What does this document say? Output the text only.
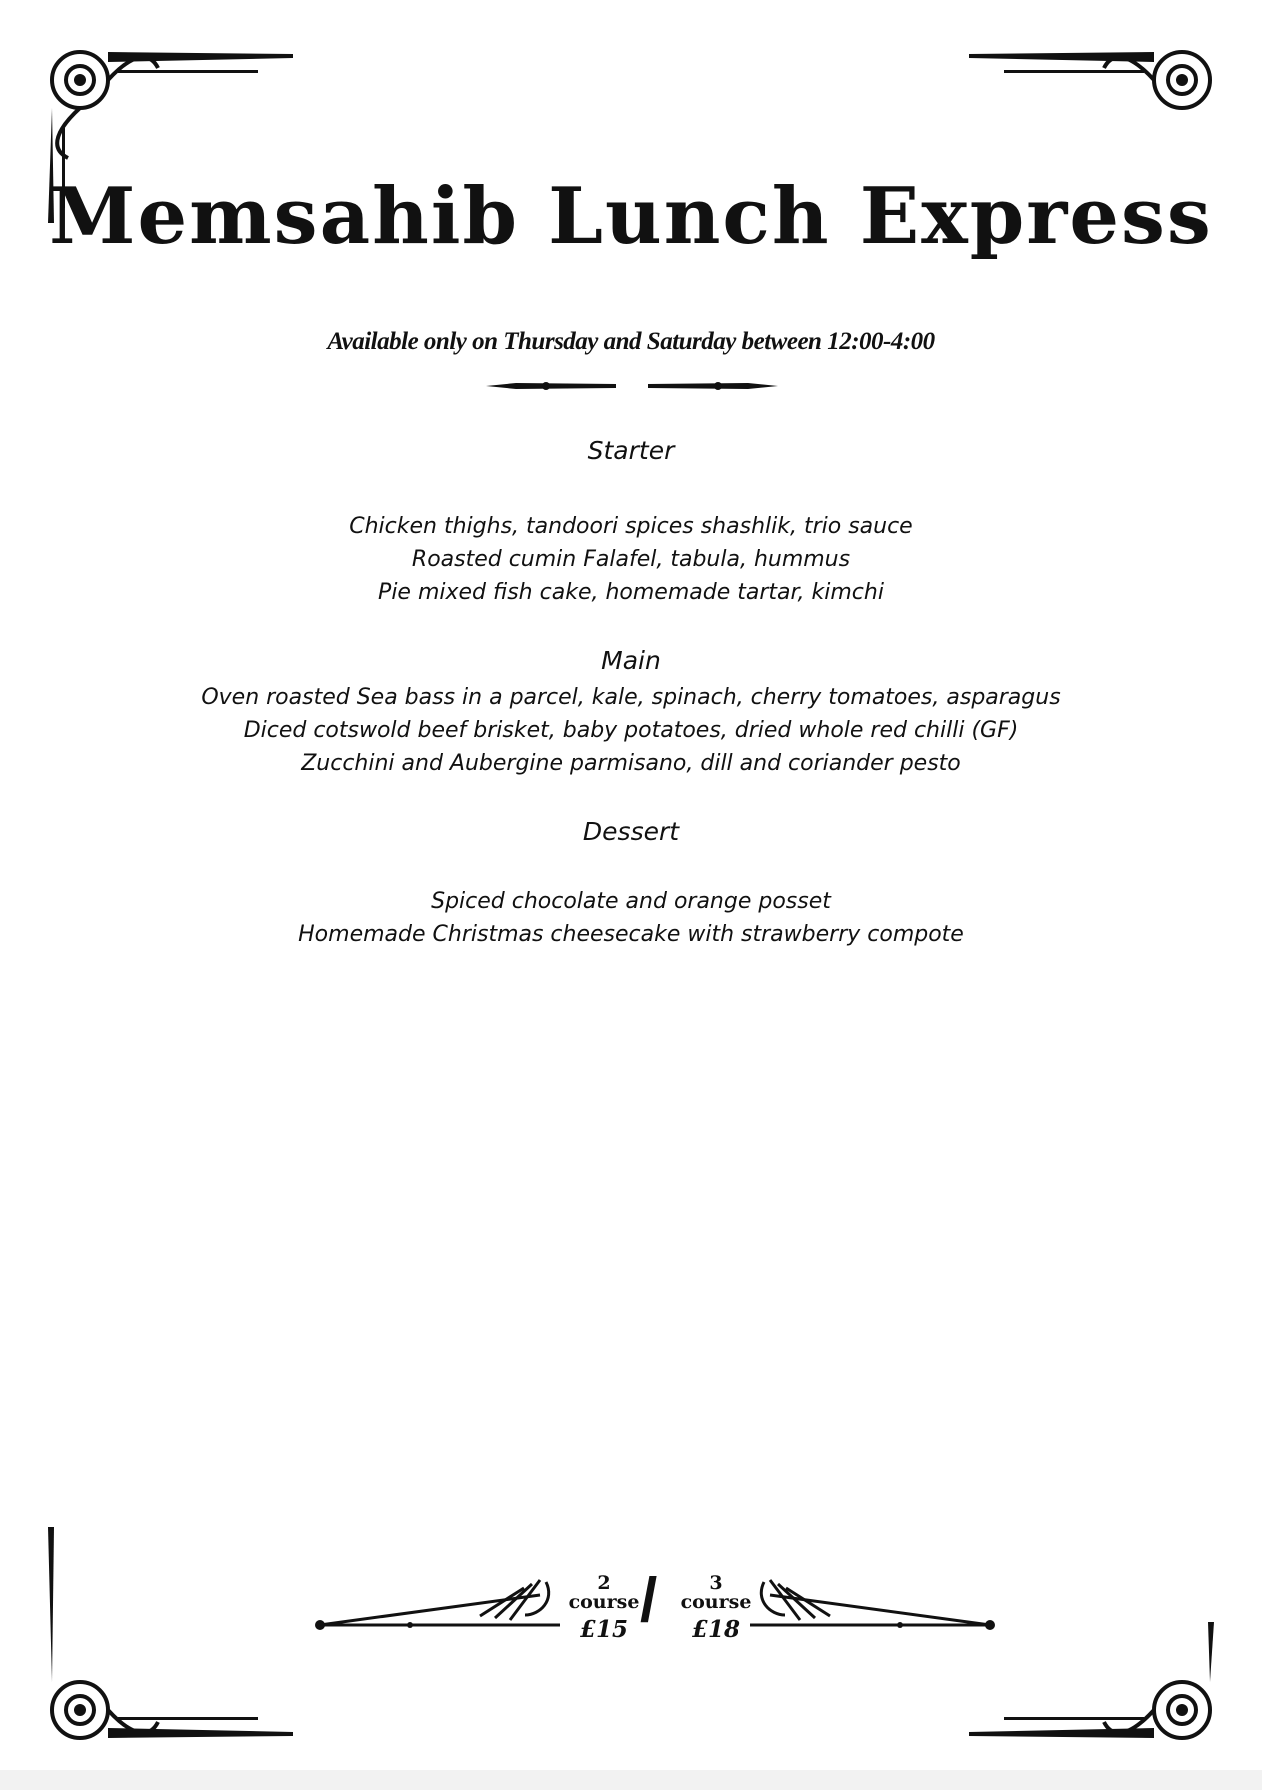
Memsahib Lunch Express
Available only on Thursday and Saturday between 12:00-4:00
Starter
Chicken thighs, tandoori spices shashlik, trio sauce
Roasted cumin Falafel, tabula, hummus
Pie mixed fish cake, homemade tartar, kimchi
Main
Oven roasted Sea bass in a parcel, kale, spinach, cherry tomatoes, asparagus
Diced cotswold beef brisket, baby potatoes, dried whole red chilli (GF)
Zucchini and Aubergine parmisano, dill and coriander pesto
Dessert
Spiced chocolate and orange posset
Homemade Christmas cheesecake with strawberry compote
2 course
£15 /	3 course
£18
